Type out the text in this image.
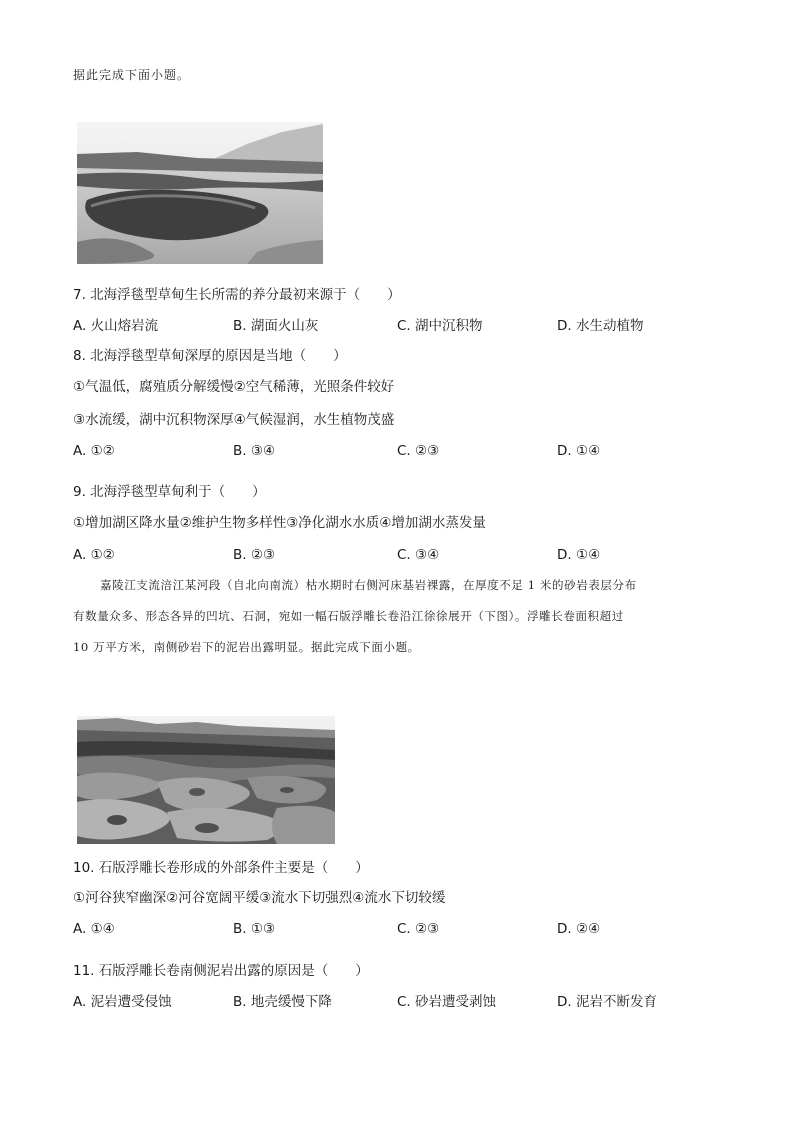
据此完成下面小题。
7. 北海浮毯型草甸生长所需的养分最初来源于（　　）
A. 火山熔岩流	B. 湖面火山灰	C. 湖中沉积物	D. 水生动植物
8. 北海浮毯型草甸深厚的原因是当地（　　）
①气温低，腐殖质分解缓慢②空气稀薄，光照条件较好
③水流缓，湖中沉积物深厚④气候湿润，水生植物茂盛
A. ①②	B. ③④	C. ②③	D. ①④
9. 北海浮毯型草甸利于（　　）
①增加湖区降水量②维护生物多样性③净化湖水水质④增加湖水蒸发量
A. ①②	B. ②③	C. ③④	D. ①④
嘉陵江支流涪江某河段（自北向南流）枯水期时右侧河床基岩裸露，在厚度不足 1 米的砂岩表层分布
有数量众多、形态各异的凹坑、石洞，宛如一幅石版浮雕长卷沿江徐徐展开（下图）。浮雕长卷面积超过
10 万平方米，南侧砂岩下的泥岩出露明显。据此完成下面小题。
10. 石版浮雕长卷形成的外部条件主要是（　　）
①河谷狭窄幽深②河谷宽阔平缓③流水下切强烈④流水下切较缓
A. ①④	B. ①③	C. ②③	D. ②④
11. 石版浮雕长卷南侧泥岩出露的原因是（　　）
A. 泥岩遭受侵蚀	B. 地壳缓慢下降	C. 砂岩遭受剥蚀	D. 泥岩不断发育
